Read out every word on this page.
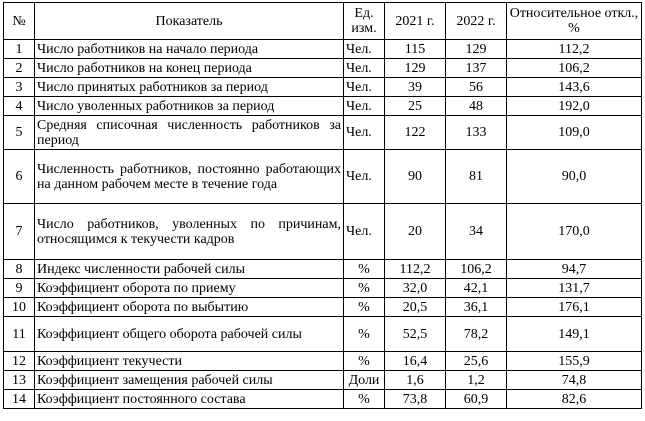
№	Показатель	Ед. изм.	2021 г.	2022 г.	Относительное откл., %
1	Число работников на начало периода	Чел.	115	129	112,2
2	Число работников на конец периода	Чел.	129	137	106,2
3	Число принятых работников за период	Чел.	39	56	143,6
4	Число уволенных работников за период	Чел.	25	48	192,0
5	Средняя списочная численность работников за период	Чел.	122	133	109,0
6	Численность работников, постоянно работающих на данном рабочем месте в течение года	Чел.	90	81	90,0
7	Число работников, уволенных по причинам, относящимся к текучести кадров	Чел.	20	34	170,0
8	Индекс численности рабочей силы	%	112,2	106,2	94,7
9	Коэффициент оборота по приему	%	32,0	42,1	131,7
10	Коэффициент оборота по выбытию	%	20,5	36,1	176,1
11	Коэффициент общего оборота рабочей силы	%	52,5	78,2	149,1
12	Коэффициент текучести	%	16,4	25,6	155,9
13	Коэффициент замещения рабочей силы	Доли	1,6	1,2	74,8
14	Коэффициент постоянного состава	%	73,8	60,9	82,6
